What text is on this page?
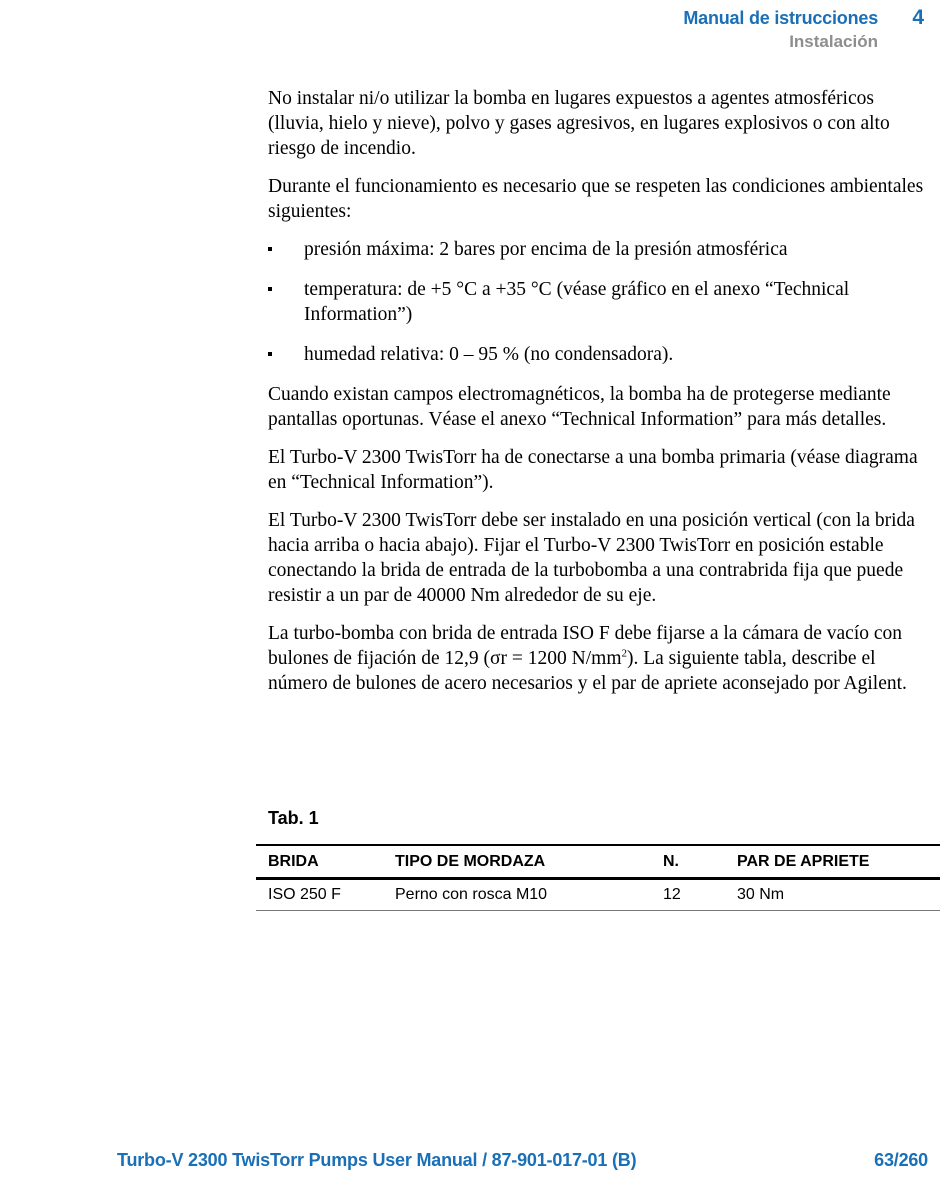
Manual de istrucciones 4
Instalación

No instalar ni/o utilizar la bomba en lugares expuestos a agentes atmosféricos (lluvia, hielo y nieve), polvo y gases agresivos, en lugares explosivos o con alto riesgo de incendio.

Durante el funcionamiento es necesario que se respeten las condiciones ambientales siguientes:

presión máxima: 2 bares por encima de la presión atmosférica
temperatura: de +5 °C a +35 °C (véase gráfico en el anexo “Technical Information”)
humedad relativa: 0 – 95 % (no condensadora).

Cuando existan campos electromagnéticos, la bomba ha de protegerse mediante pantallas oportunas. Véase el anexo “Technical Information” para más detalles.

El Turbo-V 2300 TwisTorr ha de conectarse a una bomba primaria (véase diagrama en “Technical Information”).

El Turbo-V 2300 TwisTorr debe ser instalado en una posición vertical (con la brida hacia arriba o hacia abajo). Fijar el Turbo-V 2300 TwisTorr en posición estable conectando la brida de entrada de la turbobomba a una contrabrida fija que puede resistir a un par de 40000 Nm alrededor de su eje.

La turbo-bomba con brida de entrada ISO F debe fijarse a la cámara de vacío con bulones de fijación de 12,9 (σr = 1200 $N/mm^2$). La siguiente tabla, describe el número de bulones de acero necesarios y el par de apriete aconsejado por Agilent.

Tab. 1
BRIDA	TIPO DE MORDAZA	N.	PAR DE APRIETE
ISO 250 F	Perno con rosca M10	12	30 Nm
Turbo-V 2300 TwisTorr Pumps User Manual / 87-901-017-01 (B)	63/260
